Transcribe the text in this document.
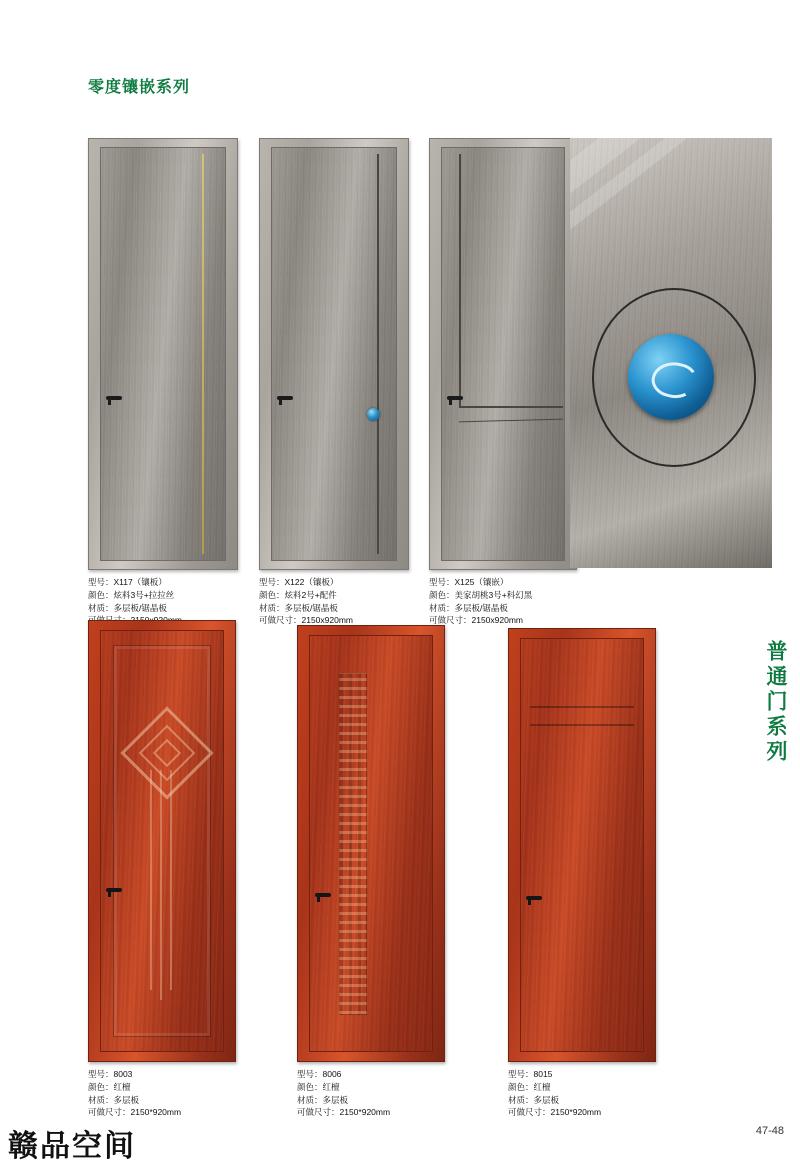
零度镶嵌系列
型号：X117（镶板）
颜色：炫料3号+拉拉丝
材质：多层板/锯晶板
型号：X122（镶板）
颜色：炫料2号+配件
材质：多层板/锯晶板
可做尺寸：2150x920mm
型号：X125（镶嵌）
颜色：美家胡桃3号+科幻黑
材质：多层板/锯晶板
可做尺寸：2150x920mm
型号：8003
颜色：红檀
材质：多层板
可做尺寸：2150*920mm
型号：8006
颜色：红檀
材质：多层板
可做尺寸：2150*920mm
型号：8015
颜色：红檀
材质：多层板
可做尺寸：2150*920mm
普通门系列
赣品空间	47-48
